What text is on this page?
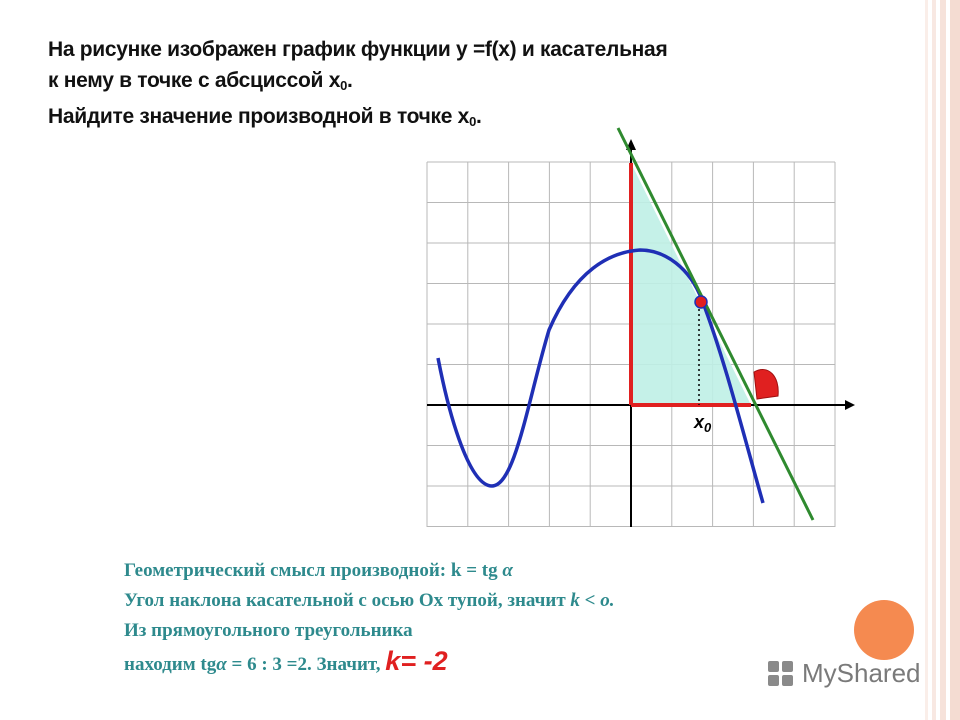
На рисунке изображен график функции y =f(x) и касательная
к нему в точке с абсциссой $x_0$.
Найдите значение производной в точке $x_0$.
$x_0$
Геометрический смысл производной: k = tg α
Угол наклона касательной с осью Ox тупой, значит k < o.
Из прямоугольного треугольника
находим tgα = 6 : 3 =2. Значит, k= -2	MyShared
